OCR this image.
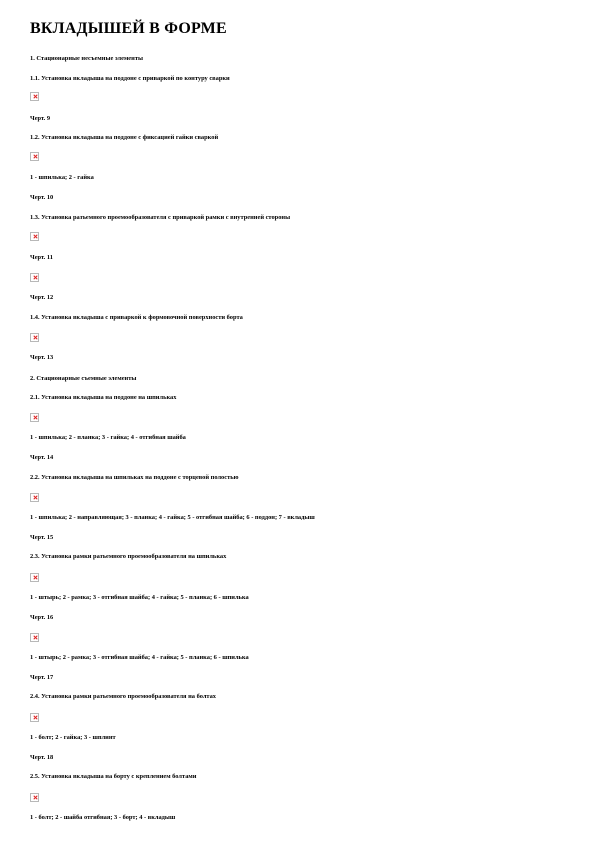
ВКЛАДЫШЕЙ В ФОРМЕ
1. Стационарные несъемные элементы
1.1. Установка вкладыша на поддоне с приваркой по контуру сварки
Черт. 9
1.2. Установка вкладыша на поддоне с фиксацией гайки сваркой
1 - шпилька; 2 - гайка
Черт. 10
1.3. Установка разъемного проемообразователя с приваркой рамки с внутренней стороны
Черт. 11
Черт. 12
1.4. Установка вкладыша с приваркой к формовочной поверхности борта
Черт. 13
2. Стационарные съемные элементы
2.1. Установка вкладыша на поддоне на шпильках
1 - шпилька; 2 - планка; 3 - гайка; 4 - отгибная шайба
Черт. 14
2.2. Установка вкладыша на шпильках на поддоне с торцевой полостью
1 - шпилька; 2 - направляющая; 3 - планка; 4 - гайка; 5 - отгибная шайба; 6 - поддон; 7 - вкладыш
Черт. 15
2.3. Установка рамки разъемного проемообразователя на шпильках
1 - штырь; 2 - рамка; 3 - отгибная шайба; 4 - гайка; 5 - планка; 6 - шпилька
Черт. 16
1 - штырь; 2 - рамка; 3 - отгибная шайба; 4 - гайка; 5 - планка; 6 - шпилька
Черт. 17
2.4. Установка рамки разъемного проемообразователя на болтах
1 - болт; 2 - гайка; 3 - шплинт
Черт. 18
2.5. Установка вкладыша на борту с креплением болтами
1 - болт; 2 - шайба отгибная; 3 - борт; 4 - вкладыш
